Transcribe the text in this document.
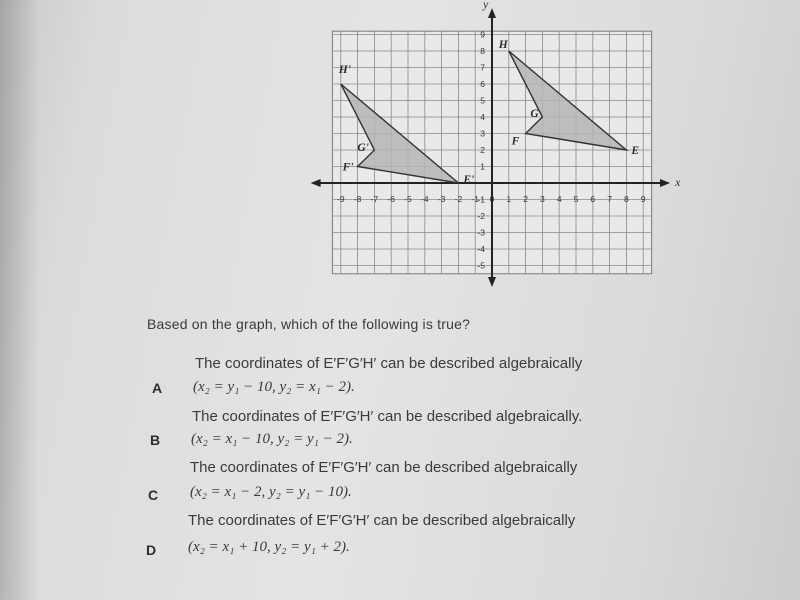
x
y
-9 -8 -7 -6 -5 -4 -3 -2 -1 0 1 2 3 4 5 6 7 8 9
9
8
7
6
5
4
3
2
1
-1
-2
-3
-4
-5
E
F
G
H
E'
F'
G'
H'
Based on the graph, which of the following is true?
A
The coordinates of E′F′G′H′ can be described algebraically
(x₂ = y₁ − 10, y₂ = x₁ − 2).
B
The coordinates of E′F′G′H′ can be described algebraically.
(x₂ = x₁ − 10, y₂ = y₁ − 2).
C
The coordinates of E′F′G′H′ can be described algebraically
(x₂ = x₁ − 2, y₂ = y₁ − 10).
D
The coordinates of E′F′G′H′ can be described algebraically
(x₂ = x₁ + 10, y₂ = y₁ + 2).
